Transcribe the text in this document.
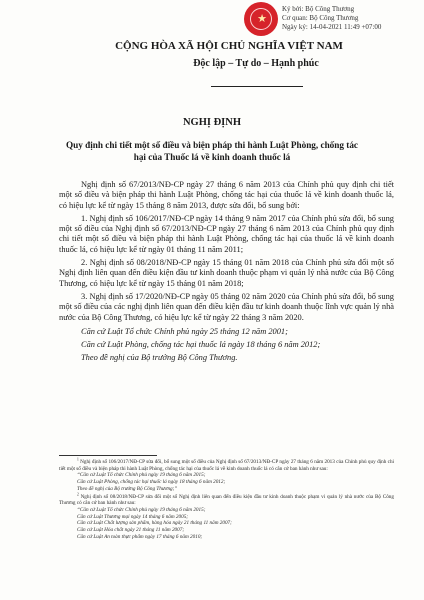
★
Ký bởi: Bộ Công Thương
Cơ quan: Bộ Công Thương
Ngày ký: 14-04-2021 11:49 +07:00
CỘNG HÒA XÃ HỘI CHỦ NGHĨA VIỆT NAM
Độc lập – Tự do – Hạnh phúc
NGHỊ ĐỊNH
Quy định chi tiết một số điều và biện pháp thi hành Luật Phòng, chống tác
hại của Thuốc lá về kinh doanh thuốc lá

Nghị định số 67/2013/NĐ-CP ngày 27 tháng 6 năm 2013 của Chính phủ quy định chi tiết một số điều và biện pháp thi hành Luật Phòng, chống tác hại của thuốc lá về kinh doanh thuốc lá, có hiệu lực kể từ ngày 15 tháng 8 năm 2013, được sửa đổi, bổ sung bởi:

1. Nghị định số 106/2017/NĐ-CP ngày 14 tháng 9 năm 2017 của Chính phủ sửa đổi, bổ sung một số điều của Nghị định số 67/2013/NĐ-CP ngày 27 tháng 6 năm 2013 của Chính phủ quy định chi tiết một số điều và biện pháp thi hành Luật Phòng, chống tác hại của thuốc lá về kinh doanh thuốc lá, có hiệu lực kể từ ngày 01 tháng 11 năm 2011;

2. Nghị định số 08/2018/NĐ-CP ngày 15 tháng 01 năm 2018 của Chính phủ sửa đổi một số Nghị định liên quan đến điều kiện đầu tư kinh doanh thuộc phạm vi quản lý nhà nước của Bộ Công Thương, có hiệu lực kể từ ngày 15 tháng 01 năm 2018;

3. Nghị định số 17/2020/NĐ-CP ngày 05 tháng 02 năm 2020 của Chính phủ sửa đổi, bổ sung một số điều của các nghị định liên quan đến điều kiện đầu tư kinh doanh thuộc lĩnh vực quản lý nhà nước của Bộ Công Thương, có hiệu lực kể từ ngày 22 tháng 3 năm 2020.

Căn cứ Luật Tổ chức Chính phủ ngày 25 tháng 12 năm 2001;

Căn cứ Luật Phòng, chống tác hại thuốc lá ngày 18 tháng 6 năm 2012;

Theo đề nghị của Bộ trưởng Bộ Công Thương.

$^1$ Nghị định số 106/2017/NĐ-CP sửa đổi, bổ sung một số điều của Nghị định số 67/2013/NĐ-CP ngày 27 tháng 6 năm 2013 của Chính phủ quy định chi tiết một số điều và biện pháp thi hành Luật Phòng, chống tác hại của thuốc lá về kinh doanh thuốc lá có căn cứ ban hành như sau:

“Căn cứ Luật Tổ chức Chính phủ ngày 19 tháng 6 năm 2015;

Căn cứ Luật Phòng, chống tác hại thuốc lá ngày 18 tháng 6 năm 2012;

Theo đề nghị của Bộ trưởng Bộ Công Thương;”

$^2$ Nghị định số 08/2018/NĐ-CP sửa đổi một số Nghị định liên quan đến điều kiện đầu tư kinh doanh thuộc phạm vi quản lý nhà nước của Bộ Công Thương có căn cứ ban hành như sau:

“Căn cứ Luật Tổ chức Chính phủ ngày 19 tháng 6 năm 2015;

Căn cứ Luật Thương mại ngày 14 tháng 6 năm 2005;

Căn cứ Luật Chất lượng sản phẩm, hàng hóa ngày 21 tháng 11 năm 2007;

Căn cứ Luật Hóa chất ngày 21 tháng 11 năm 2007;

Căn cứ Luật An toàn thực phẩm ngày 17 tháng 6 năm 2010;
